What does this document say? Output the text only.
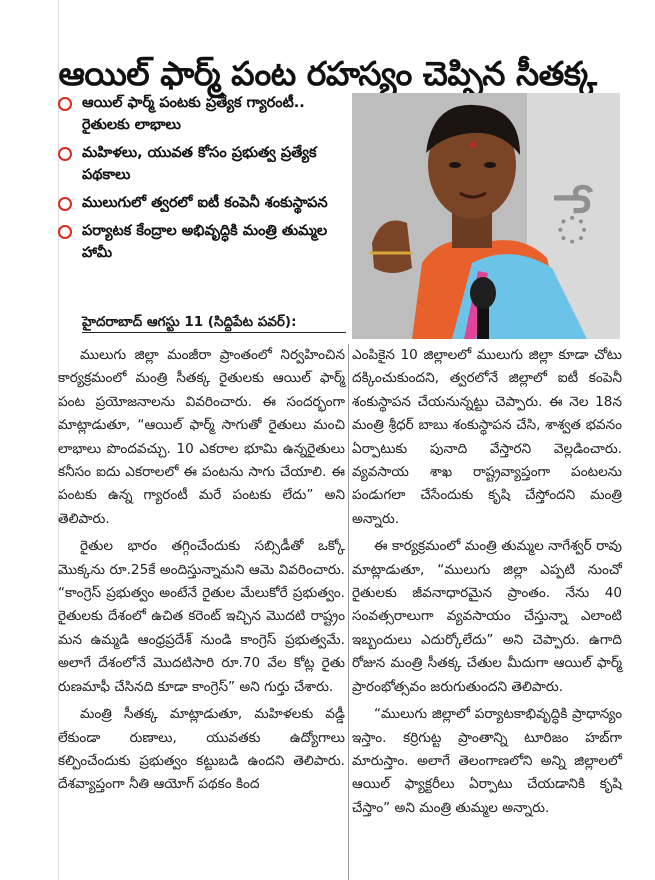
ఆయిల్ ఫార్మ్ పంట రహస్యం చెప్పిన సీతక్క
ఆయిల్ ఫార్మ్ పంటకు ప్రత్యేక గ్యారంటీ.. రైతులకు లాభాలు
మహిళలు, యువత కోసం ప్రభుత్వ ప్రత్యేక పథకాలు
ములుగులో త్వరలో ఐటీ కంపెనీ శంకుస్థాపన
పర్యాటక కేంద్రాల అభివృద్ధికి మంత్రి తుమ్మల హామీ
హైదరాబాద్ ఆగస్టు 11 (సిద్దిపేట పవర్):
ే

ములుగు జిల్లా మంజీరా ప్రాంతంలో నిర్వహించిన కార్యక్రమంలో మంత్రి సీతక్క రైతులకు ఆయిల్ ఫార్మ్ పంట ప్రయోజనాలను వివరించారు. ఈ సందర్భంగా మాట్లాడుతూ, “ఆయిల్ ఫార్మ్ సాగుతో రైతులు మంచి లాభాలు పొందవచ్చు. 10 ఎకరాల భూమి ఉన్నరైతులు కనీసం ఐదు ఎకరాలలో ఈ పంటను సాగు చేయాలి. ఈ పంటకు ఉన్న గ్యారంటీ మరే పంటకు లేదు” అని తెలిపారు.

రైతుల భారం తగ్గించేందుకు సబ్సిడీతో ఒక్కో మొక్కను రూ.25కే అందిస్తున్నామని ఆమె వివరించారు. “కాంగ్రెస్ ప్రభుత్వం అంటేనే రైతుల మేలుకోరే ప్రభుత్వం. రైతులకు దేశంలో ఉచిత కరెంట్ ఇచ్చిన మొదటి రాష్ట్రం మన ఉమ్మడి ఆంధ్రప్రదేశ్ నుండి కాంగ్రెస్ ప్రభుత్వమే. అలాగే దేశంలోనే మొదటిసారి రూ.70 వేల కోట్ల రైతు రుణమాఫీ చేసినది కూడా కాంగ్రెస్” అని గుర్తు చేశారు.

మంత్రి సీతక్క మాట్లాడుతూ, మహిళలకు వడ్డీ లేకుండా రుణాలు, యువతకు ఉద్యోగాలు కల్పించేందుకు ప్రభుత్వం కట్టుబడి ఉందని తెలిపారు. దేశవ్యాప్తంగా నీతి ఆయోగ్ పథకం కింద

ఎంపికైన 10 జిల్లాలలో ములుగు జిల్లా కూడా చోటు దక్కించుకుందని, త్వరలోనే జిల్లాలో ఐటీ కంపెనీ శంకుస్థాపన చేయనున్నట్టు చెప్పారు. ఈ నెల 18న మంత్రి శ్రీధర్ బాబు శంకుస్థాపన చేసి, శాశ్వత భవనం ఏర్పాటుకు పునాది వేస్తారని వెల్లడించారు. వ్యవసాయ శాఖ రాష్ట్రవ్యాప్తంగా పంటలను పండుగలా చేసేందుకు కృషి చేస్తోందని మంత్రి అన్నారు.

ఈ కార్యక్రమంలో మంత్రి తుమ్మల నాగేశ్వర్ రావు మాట్లాడుతూ, “ములుగు జిల్లా ఎప్పటి నుంచో రైతులకు జీవనాధారమైన ప్రాంతం. నేను 40 సంవత్సరాలుగా వ్యవసాయం చేస్తున్నా ఎలాంటి ఇబ్బందులు ఎదుర్కోలేదు” అని చెప్పారు. ఉగాది రోజున మంత్రి సీతక్క చేతుల మీదుగా ఆయిల్ ఫార్మ్ ప్రారంభోత్సవం జరుగుతుందని తెలిపారు.

“ములుగు జిల్లాలో పర్యాటకాభివృద్ధికి ప్రాధాన్యం ఇస్తాం. కర్రిగుట్ట ప్రాంతాన్ని టూరిజం హబ్‌గా మారుస్తాం. అలాగే తెలంగాణలోని అన్ని జిల్లాలలో ఆయిల్ ఫ్యాక్టరీలు ఏర్పాటు చేయడానికి కృషి చేస్తాం” అని మంత్రి తుమ్మల అన్నారు.
